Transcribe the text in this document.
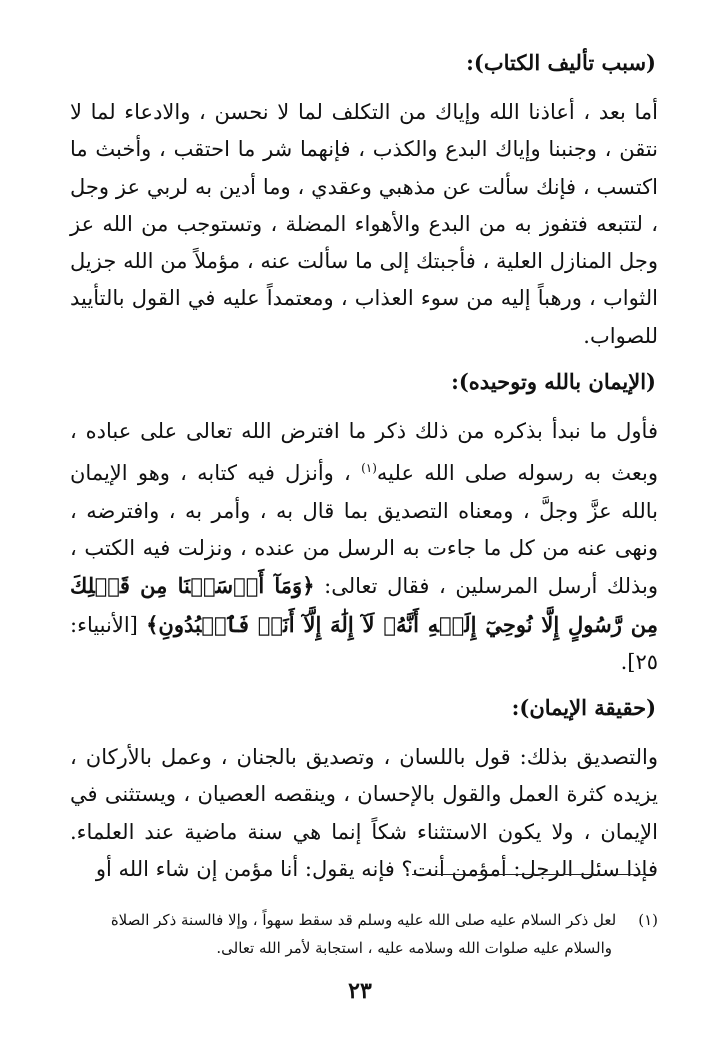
(سبب تأليف الكتاب):

أما بعد ، أعاذنا الله وإياك من التكلف لما لا نحسن ، والادعاء لما لا نتقن ، وجنبنا وإياك البدع والكذب ، فإنهما شر ما احتقب ، وأخبث ما اكتسب ، فإنك سألت عن مذهبي وعقدي ، وما أدين به لربي عز وجل ، لتتبعه فتفوز به من البدع والأهواء المضلة ، وتستوجب من الله عز وجل المنازل العلية ، فأجبتك إلى ما سألت عنه ، مؤملاً من الله جزيل الثواب ، ورهباً إليه من سوء العذاب ، ومعتمداً عليه في القول بالتأييد للصواب.

(الإيمان بالله وتوحيده):

فأول ما نبدأ بذكره من ذلك ذكر ما افترض الله تعالى على عباده ، وبعث به رسوله صلى الله عليه$^{(١)}$ ، وأنزل فيه كتابه ، وهو الإيمان بالله عزَّ وجلَّ ، ومعناه التصديق بما قال به ، وأمر به ، وافترضه ، ونهى عنه من كل ما جاءت به الرسل من عنده ، ونزلت فيه الكتب ، وبذلك أرسل المرسلين ، فقال تعالى: ﴿وَمَآ أَرۡسَلۡنَا مِن قَبۡلِكَ مِن رَّسُولٍ إِلَّا نُوحِيٓ إِلَيۡهِ أَنَّهُۥ لَآ إِلَٰهَ إِلَّآ أَنَا۠ فَٱعۡبُدُونِ﴾ [الأنبياء: ٢٥].

(حقيقة الإيمان):

والتصديق بذلك: قول باللسان ، وتصديق بالجنان ، وعمل بالأركان ، يزيده كثرة العمل والقول بالإحسان ، وينقصه العصيان ، ويستثنى في الإيمان ، ولا يكون الاستثناء شكاً إنما هي سنة ماضية عند العلماء. فإذا سئل الرجل: أمؤمن أنت؟ فإنه يقول: أنا مؤمن إن شاء الله أو

(١)لعل ذكر السلام عليه صلى الله عليه وسلم قد سقط سهواً ، وإلا فالسنة ذكر الصلاة
والسلام عليه صلوات الله وسلامه عليه ، استجابة لأمر الله تعالى.
٢٣
